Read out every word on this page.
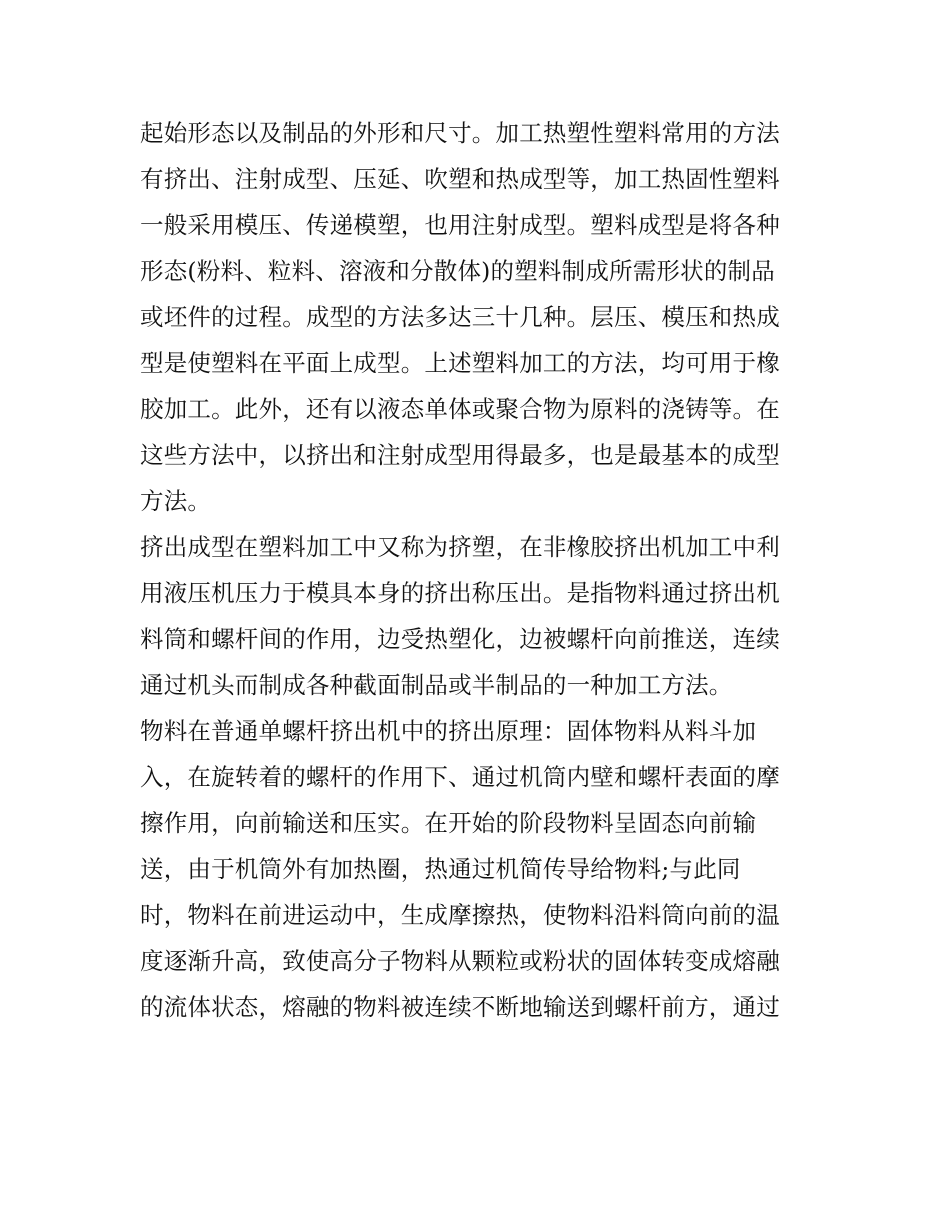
起始形态以及制品的外形和尺寸。加工热塑性塑料常用的方法
有挤出、注射成型、压延、吹塑和热成型等，加工热固性塑料
一般采用模压、传递模塑，也用注射成型。塑料成型是将各种
形态(粉料、粒料、溶液和分散体)的塑料制成所需形状的制品
或坯件的过程。成型的方法多达三十几种。层压、模压和热成
型是使塑料在平面上成型。上述塑料加工的方法，均可用于橡
胶加工。此外，还有以液态单体或聚合物为原料的浇铸等。在
这些方法中，以挤出和注射成型用得最多，也是最基本的成型
方法。
挤出成型在塑料加工中又称为挤塑，在非橡胶挤出机加工中利
用液压机压力于模具本身的挤出称压出。是指物料通过挤出机
料筒和螺杆间的作用，边受热塑化，边被螺杆向前推送，连续
通过机头而制成各种截面制品或半制品的一种加工方法。
物料在普通单螺杆挤出机中的挤出原理：固体物料从料斗加
入，在旋转着的螺杆的作用下、通过机筒内壁和螺杆表面的摩
擦作用，向前输送和压实。在开始的阶段物料呈固态向前输
送，由于机筒外有加热圈，热通过机简传导给物料;与此同
时，物料在前进运动中，生成摩擦热，使物料沿料筒向前的温
度逐渐升高，致使高分子物料从颗粒或粉状的固体转变成熔融
的流体状态，熔融的物料被连续不断地输送到螺杆前方，通过
